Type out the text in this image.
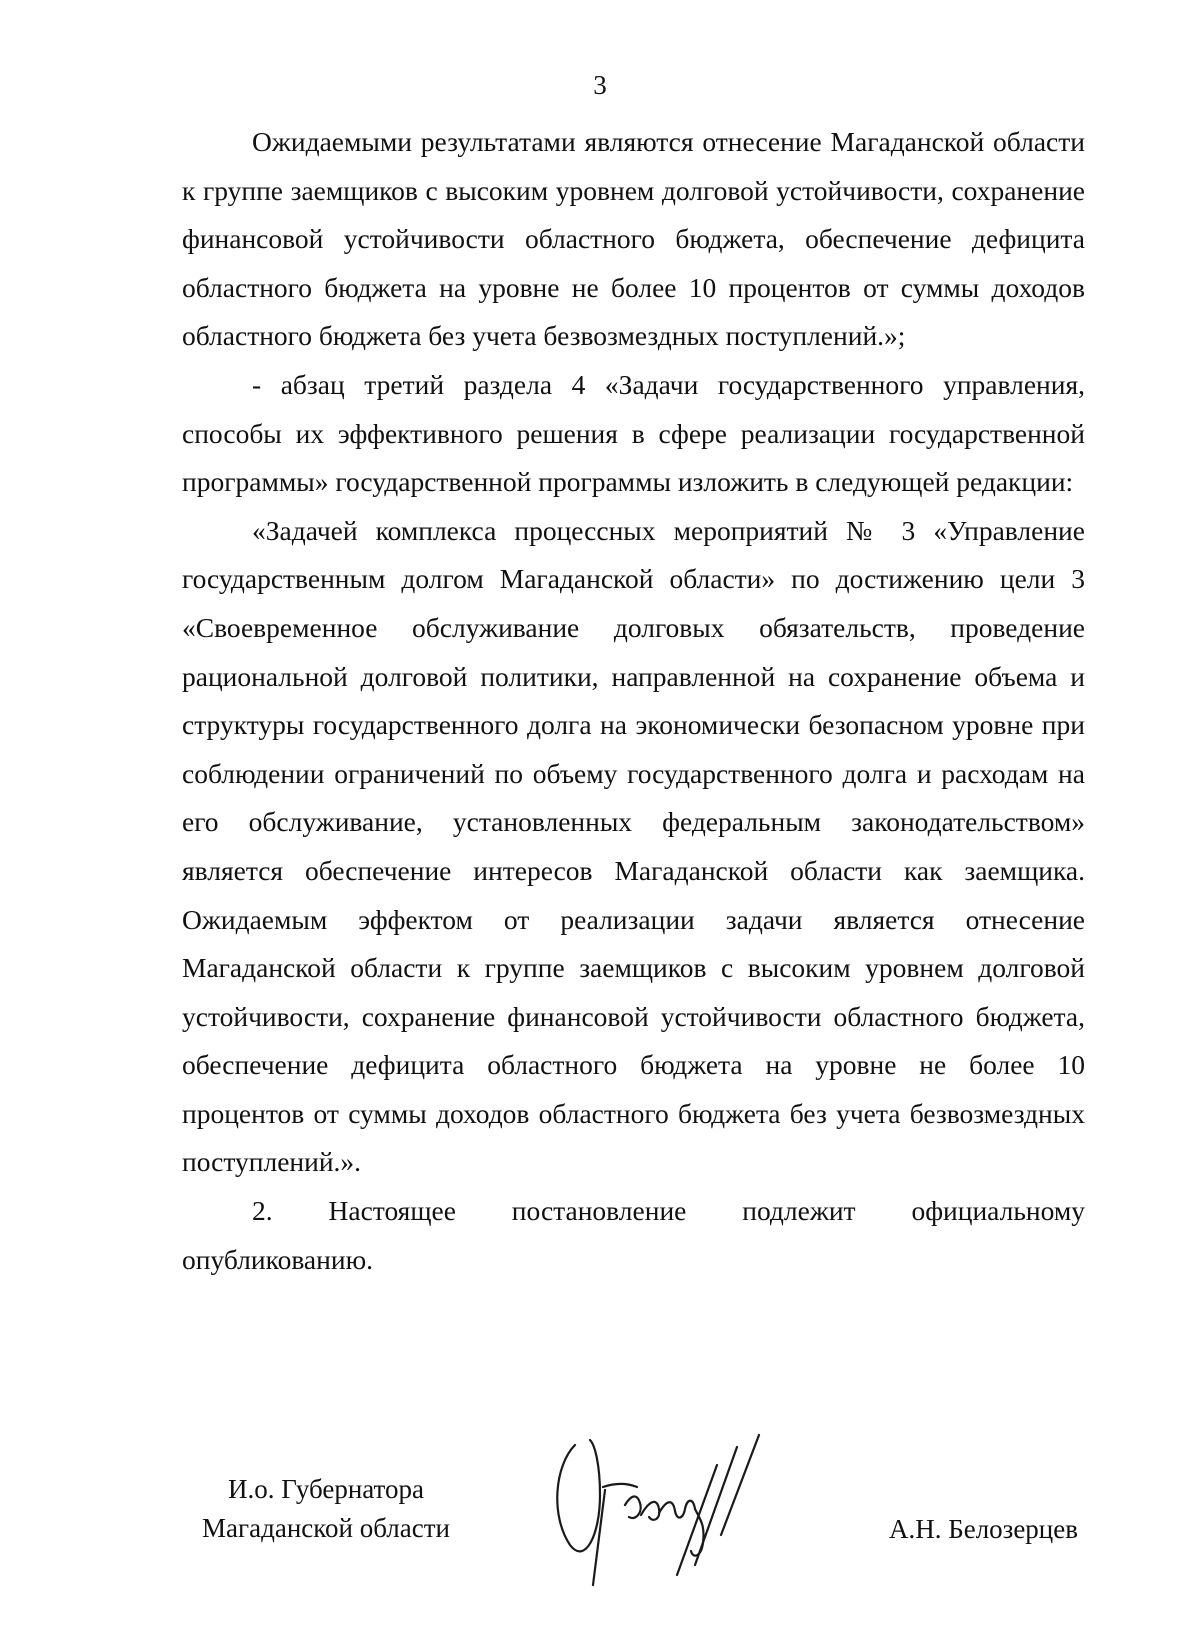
3

Ожидаемыми результатами являются отнесение Магаданской области к группе заемщиков с высоким уровнем долговой устойчивости, сохранение финансовой устойчивости областного бюджета, обеспечение дефицита областного бюджета на уровне не более 10 процентов от суммы доходов областного бюджета без учета безвозмездных поступлений.»;

- абзац третий раздела 4 «Задачи государственного управления, способы их эффективного решения в сфере реализации государственной программы» государственной программы изложить в следующей редакции:

«Задачей комплекса процессных мероприятий № 3 «Управление государственным долгом Магаданской области» по достижению цели 3 «Своевременное обслуживание долговых обязательств, проведение рациональной долговой политики, направленной на сохранение объема и структуры государственного долга на экономически безопасном уровне при соблюдении ограничений по объему государственного долга и расходам на его обслуживание, установленных федеральным законодательством» является обеспечение интересов Магаданской области как заемщика. Ожидаемым эффектом от реализации задачи является отнесение Магаданской области к группе заемщиков с высоким уровнем долговой устойчивости, сохранение финансовой устойчивости областного бюджета, обеспечение дефицита областного бюджета на уровне не более 10 процентов от суммы доходов областного бюджета без учета безвозмездных поступлений.».

2. Настоящее постановление подлежит официальному опубликованию.

И.о. Губернатора
Магаданской области	А.Н. Белозерцев
